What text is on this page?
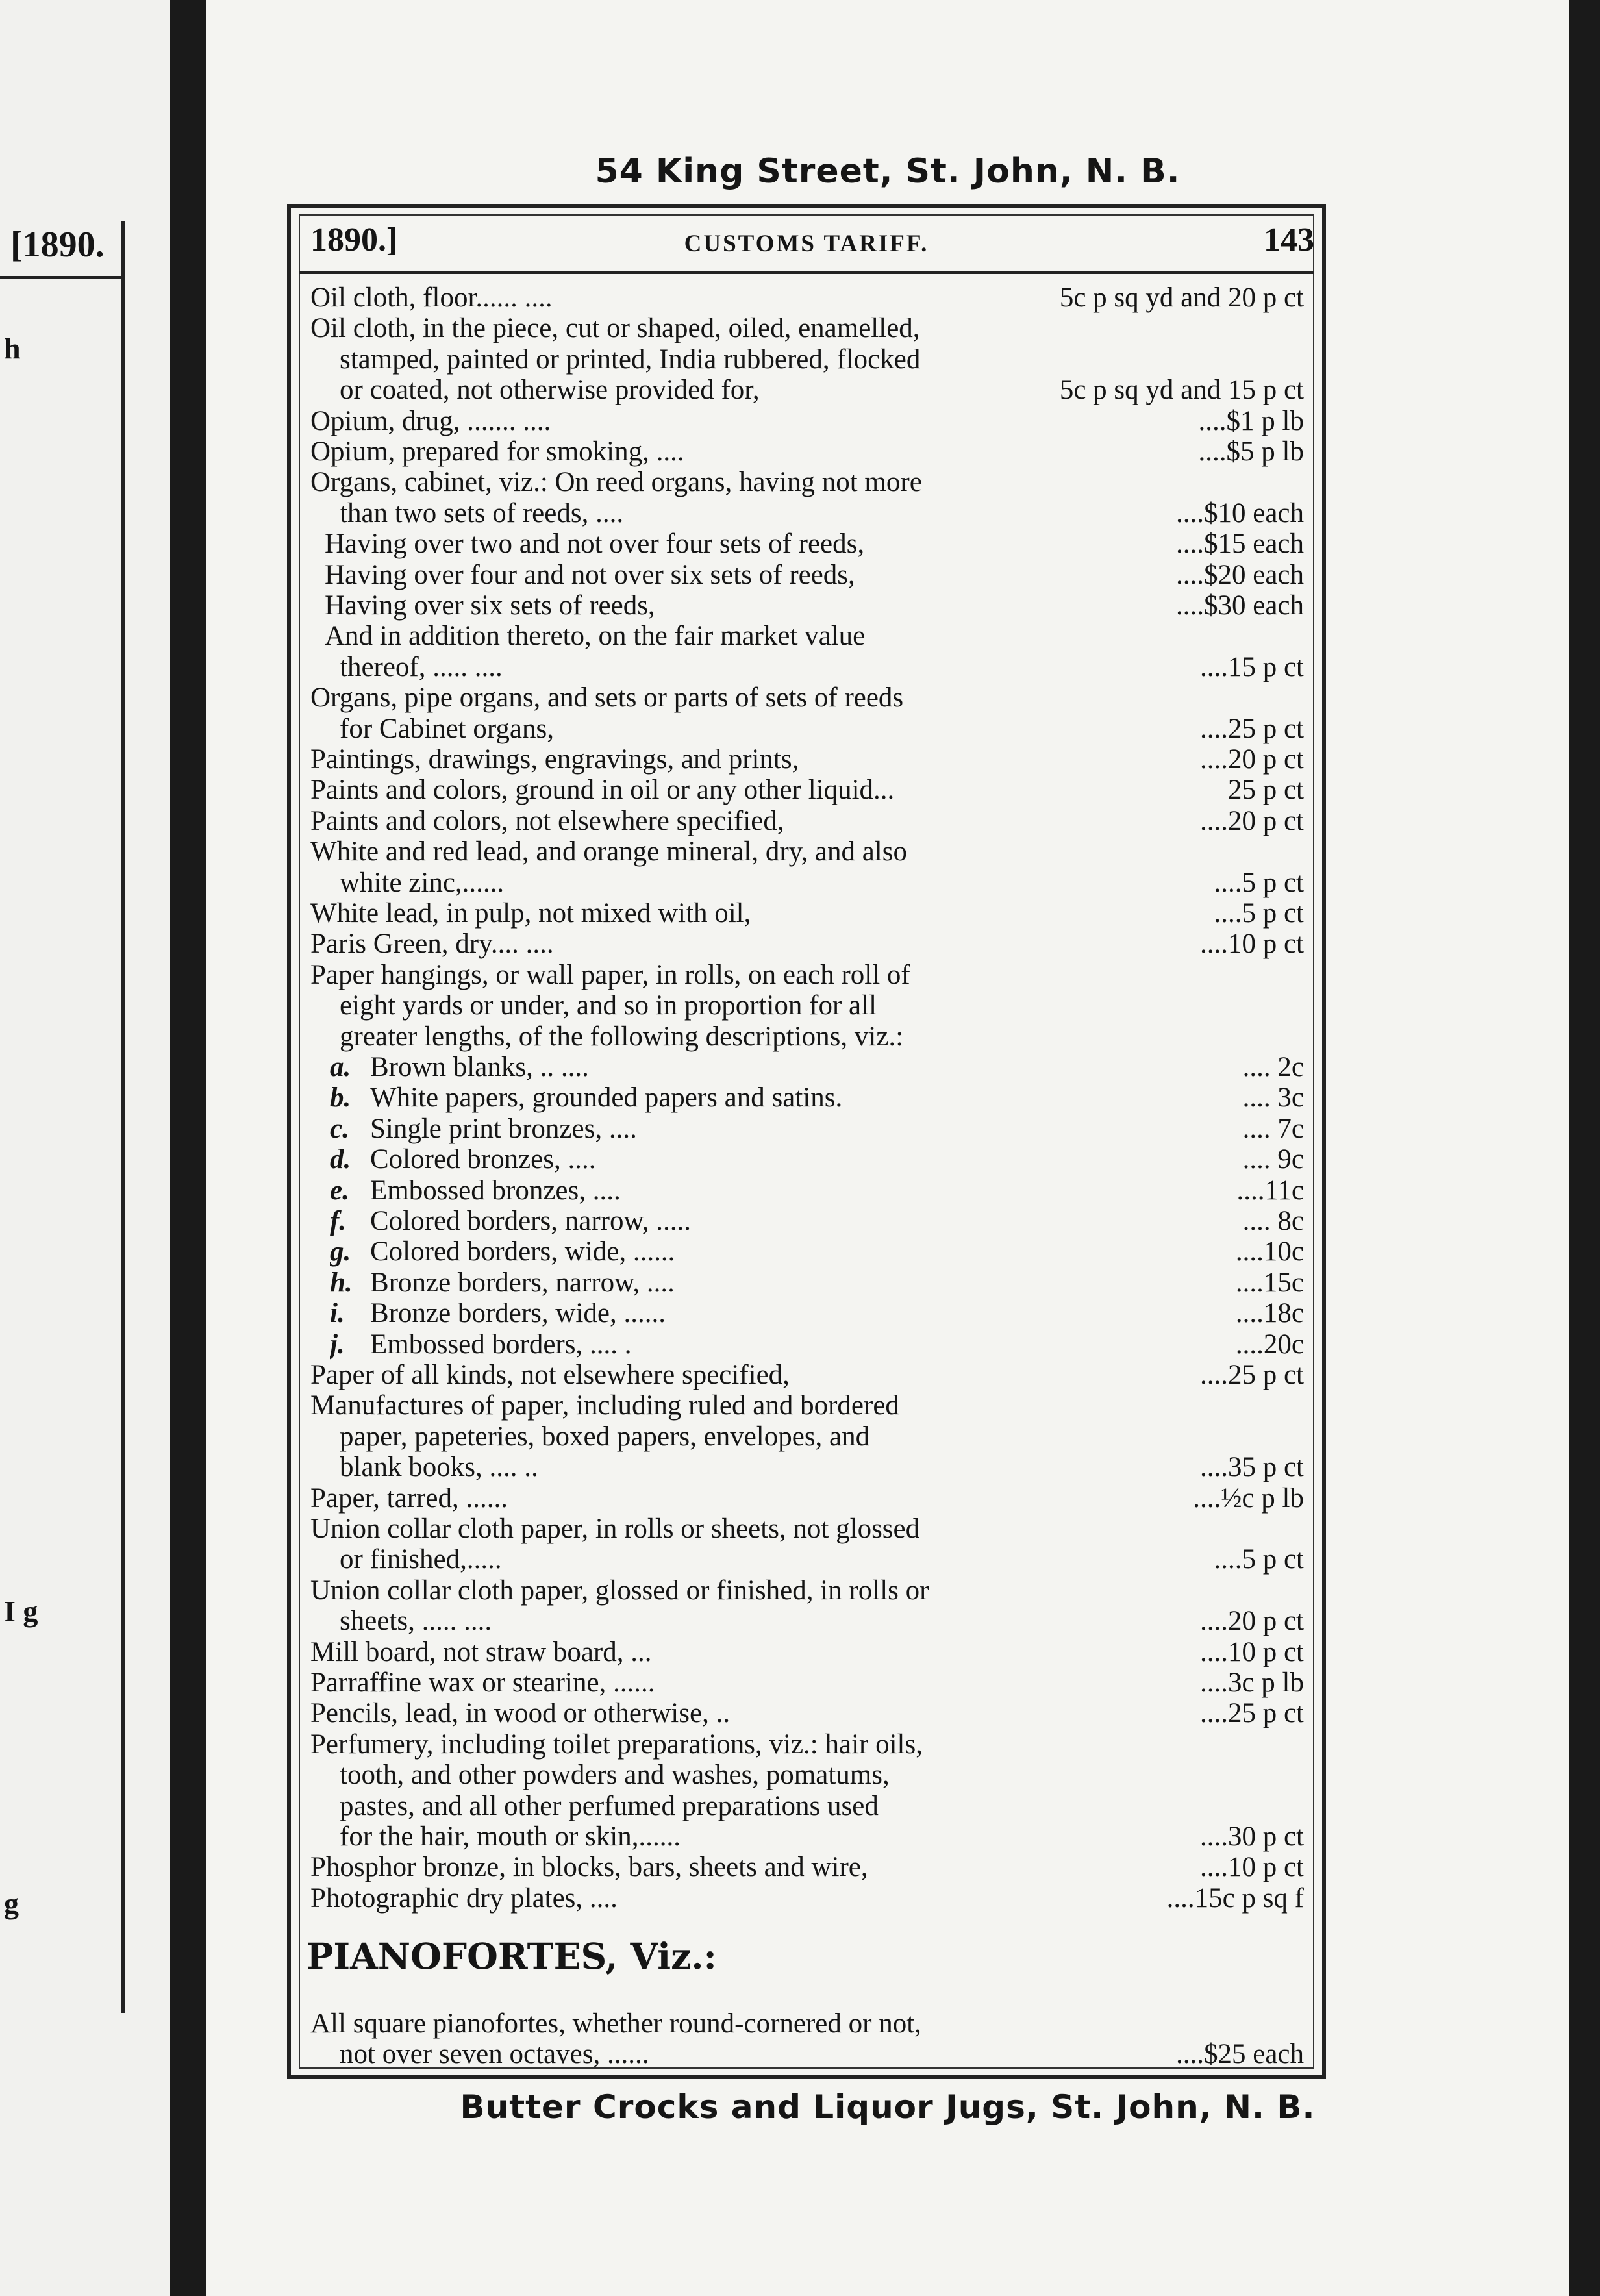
[1890.
h
I g
g
54 King Street, St. John, N. B.
1890.]	CUSTOMS TARIFF.	143
Oil cloth, floor...... ....	5c p sq yd and 20 p ct
Oil cloth, in the piece, cut or shaped, oiled, enamelled,
stamped, painted or printed, India rubbered, flocked
or coated, not otherwise provided for,	5c p sq yd and 15 p ct
Opium, drug, ....... ....	....$1 p lb
Opium, prepared for smoking, ....	....$5 p lb
Organs, cabinet, viz.: On reed organs, having not more
than two sets of reeds, ....	....$10 each
Having over two and not over four sets of reeds,	....$15 each
Having over four and not over six sets of reeds,	....$20 each
Having over six sets of reeds,	....$30 each
And in addition thereto, on the fair market value
thereof, ..... ....	....15 p ct
Organs, pipe organs, and sets or parts of sets of reeds
for Cabinet organs,	....25 p ct
Paintings, drawings, engravings, and prints,	....20 p ct
Paints and colors, ground in oil or any other liquid...	25 p ct
Paints and colors, not elsewhere specified,	....20 p ct
White and red lead, and orange mineral, dry, and also
white zinc,......	....5 p ct
White lead, in pulp, not mixed with oil,	....5 p ct
Paris Green, dry.... ....	....10 p ct
Paper hangings, or wall paper, in rolls, on each roll of
eight yards or under, and so in proportion for all
greater lengths, of the following descriptions, viz.:
a. Brown blanks, .. ....	.... 2c
b. White papers, grounded papers and satins.	.... 3c
c. Single print bronzes, ....	.... 7c
d. Colored bronzes, ....	.... 9c
e. Embossed bronzes, ....	....11c
f. Colored borders, narrow, .....	.... 8c
g. Colored borders, wide, ......	....10c
h. Bronze borders, narrow, ....	....15c
i. Bronze borders, wide, ......	....18c
j. Embossed borders, .... .	....20c
Paper of all kinds, not elsewhere specified,	....25 p ct
Manufactures of paper, including ruled and bordered
paper, papeteries, boxed papers, envelopes, and
blank books, .... ..	....35 p ct
Paper, tarred, ......	....½c p lb
Union collar cloth paper, in rolls or sheets, not glossed
or finished,.....	....5 p ct
Union collar cloth paper, glossed or finished, in rolls or
sheets, ..... ....	....20 p ct
Mill board, not straw board, ...	....10 p ct
Parraffine wax or stearine, ......	....3c p lb
Pencils, lead, in wood or otherwise, ..	....25 p ct
Perfumery, including toilet preparations, viz.: hair oils,
tooth, and other powders and washes, pomatums,
pastes, and all other perfumed preparations used
for the hair, mouth or skin,......	....30 p ct
Phosphor bronze, in blocks, bars, sheets and wire,	....10 p ct
Photographic dry plates, ....	....15c p sq f
All square pianofortes, whether round-cornered or not,
not over seven octaves, ......	....$25 each
PIANOFORTES, Viz.:
Butter Crocks and Liquor Jugs, St. John, N. B.
